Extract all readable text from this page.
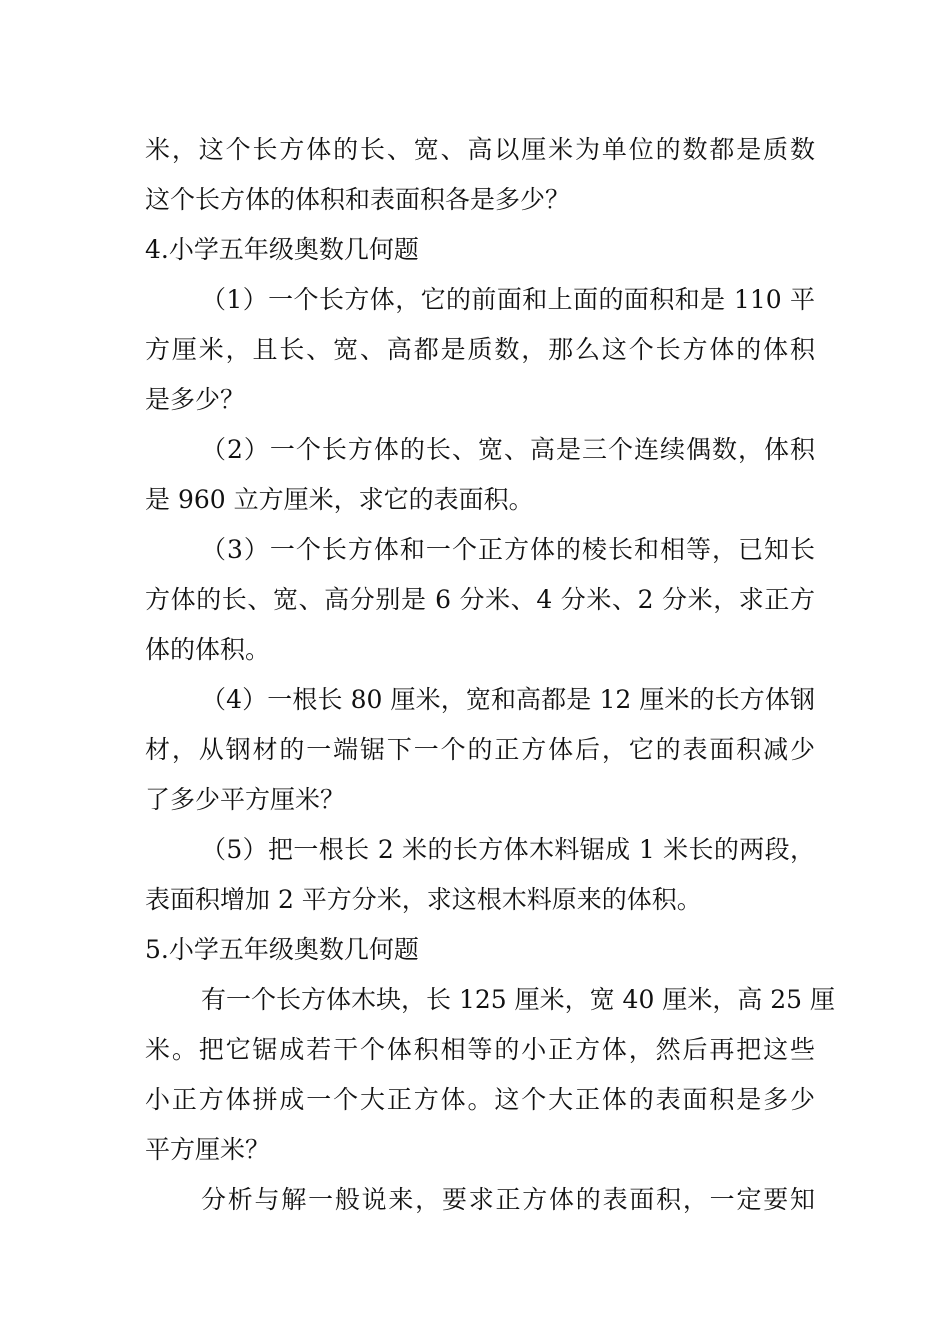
米，这个长方体的长、宽、高以厘米为单位的数都是质数
这个长方体的体积和表面积各是多少？
4.小学五年级奥数几何题
（1）一个长方体，它的前面和上面的面积和是 110 平
方厘米，且长、宽、高都是质数，那么这个长方体的体积
是多少？
（2）一个长方体的长、宽、高是三个连续偶数，体积
是 960 立方厘米，求它的表面积。
（3）一个长方体和一个正方体的棱长和相等，已知长
方体的长、宽、高分别是 6 分米、4 分米、2 分米，求正方
体的体积。
（4）一根长 80 厘米，宽和高都是 12 厘米的长方体钢
材，从钢材的一端锯下一个的正方体后，它的表面积减少
了多少平方厘米？
（5）把一根长 2 米的长方体木料锯成 1 米长的两段，
表面积增加 2 平方分米，求这根木料原来的体积。
5.小学五年级奥数几何题
有一个长方体木块，长 125 厘米，宽 40 厘米，高 25 厘
米。把它锯成若干个体积相等的小正方体，然后再把这些
小正方体拼成一个大正方体。这个大正体的表面积是多少
平方厘米？
分析与解一般说来，要求正方体的表面积，一定要知
